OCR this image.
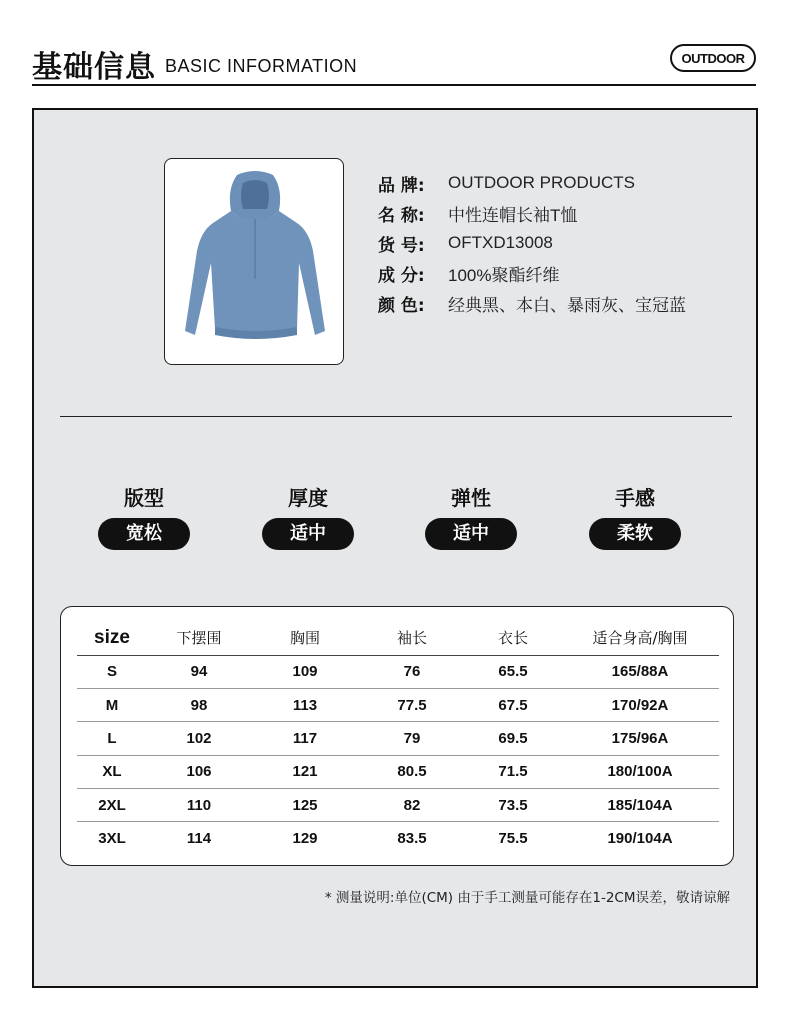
基础信息 BASIC INFORMATION	OUTDOOR
品 牌:	OUTDOOR PRODUCTS
名 称:	中性连帽长袖T恤
货 号:	OFTXD13008
成 分:	100%聚酯纤维
颜 色:	经典黑、本白、暴雨灰、宝冠蓝
版型
宽松
厚度
适中
弹性
适中
手感
柔软
size	下摆围	胸围	袖长	衣长	适合身高/胸围
S	94	109	76	65.5	165/88A
M	98	113	77.5	67.5	170/92A
L	102	117	79	69.5	175/96A
XL	106	121	80.5	71.5	180/100A
2XL	110	125	82	73.5	185/104A
3XL	114	129	83.5	75.5	190/104A
* 测量说明:单位(CM) 由于手工测量可能存在1-2CM误差，敬请谅解
